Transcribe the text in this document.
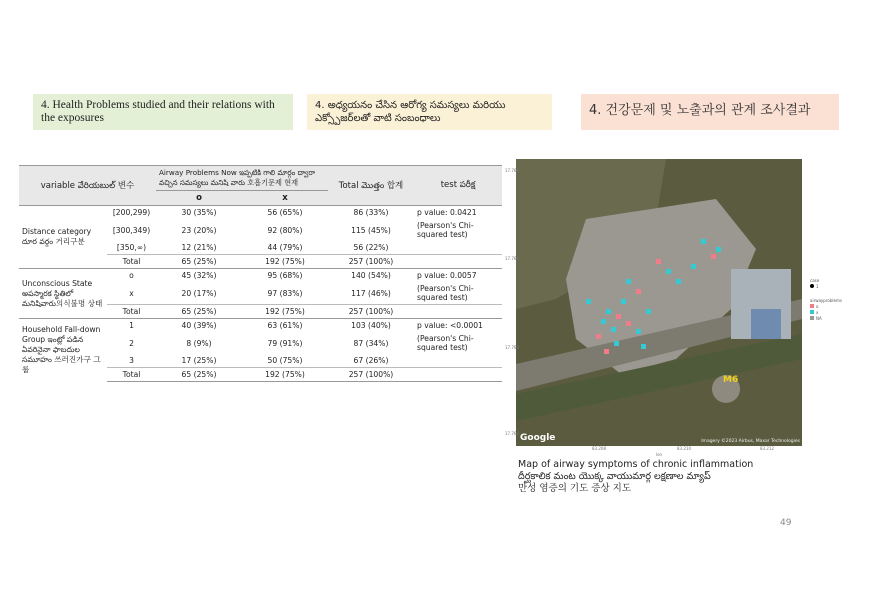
4. Health Problems studied and their relations with the exposures
4. అధ్యయనం చేసిన ఆరోగ్య సమస్యలు మరియు ఎక్స్పోజర్‌లతో వాటి సంబంధాలు
4. 건강문제 및 노출과의 관계 조사결과
variable వేరియబుల్ 변수		Airway Problems Now ఇప్పటికి గాలి మార్గం ద్వారా వచ్చిన సమస్యలు మనిషి వారు 호흡기문제 현재		Total మొత్తం 합계	test పరీక్ష
		o	x		
Distance category దూర వర్గం 거리구분	[200,299)	30 (35%)	56 (65%)	86 (33%)	p value: 0.0421
	[300,349)	23 (20%)	92 (80%)	115 (45%)	(Pearson's Chi-squared test)
	[350,∞)	12 (21%)	44 (79%)	56 (22%)	
	Total	65 (25%)	192 (75%)	257 (100%)	
Unconscious State అపస్మారక స్థితిలో మనిషివారు의식불명 상태	o	45 (32%)	95 (68%)	140 (54%)	p value: 0.0057
	x	20 (17%)	97 (83%)	117 (46%)	(Pearson's Chi-squared test)
	Total	65 (25%)	192 (75%)	257 (100%)	
Household Fall-down Group ఇంట్లో పడిన ఏవరినైనా ఫాబదుల సమూహం 쓰러진가구 그룹	1	40 (39%)	63 (61%)	103 (40%)	p value: <0.0001
	2	8 (9%)	79 (91%)	87 (34%)	(Pearson's Chi-squared test)
	3	17 (25%)	50 (75%)	67 (26%)	
	Total	65 (25%)	192 (75%)	257 (100%)	
M6
Google	Imagery ©2023 Airbus, Maxar Technologies
17.766
17.764
17.762
17.760
83.208	83.210	83.212
lon
case
1
airwayproblems
o
x
NA
Map of airway symptoms of chronic inflammation
దీర్ఘకాలిక మంట యొక్క వాయుమార్గ లక్షణాల మ్యాప్
만성 염증의 기도 증상 지도
49
